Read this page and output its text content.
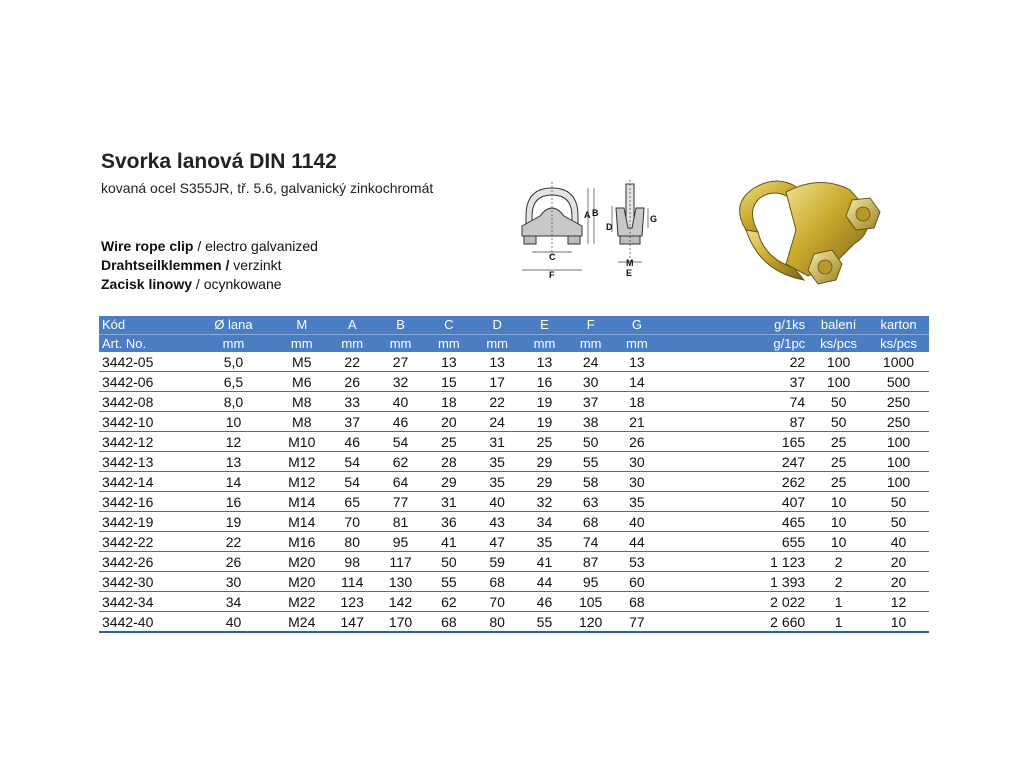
Svorka lanová DIN 1142
kovaná ocel S355JR, tř. 5.6, galvanický zinkochromát
Wire rope clip / electro galvanized
Drahtseilklemmen / verzinkt
Zacisk linowy / ocynkowane
A B
C
F
D
G
M
E
Kód	Ø lana	M	A	B	C	D	E	F	G	g/1ks	balení	karton
Art. No.	mm	mm	mm	mm	mm	mm	mm	mm	mm	g/1pc	ks/pcs	ks/pcs
3442-05	5,0	M5	22	27	13	13	13	24	13	22	100	1000
3442-06	6,5	M6	26	32	15	17	16	30	14	37	100	500
3442-08	8,0	M8	33	40	18	22	19	37	18	74	50	250
3442-10	10	M8	37	46	20	24	19	38	21	87	50	250
3442-12	12	M10	46	54	25	31	25	50	26	165	25	100
3442-13	13	M12	54	62	28	35	29	55	30	247	25	100
3442-14	14	M12	54	64	29	35	29	58	30	262	25	100
3442-16	16	M14	65	77	31	40	32	63	35	407	10	50
3442-19	19	M14	70	81	36	43	34	68	40	465	10	50
3442-22	22	M16	80	95	41	47	35	74	44	655	10	40
3442-26	26	M20	98	117	50	59	41	87	53	1 123	2	20
3442-30	30	M20	114	130	55	68	44	95	60	1 393	2	20
3442-34	34	M22	123	142	62	70	46	105	68	2 022	1	12
3442-40	40	M24	147	170	68	80	55	120	77	2 660	1	10
